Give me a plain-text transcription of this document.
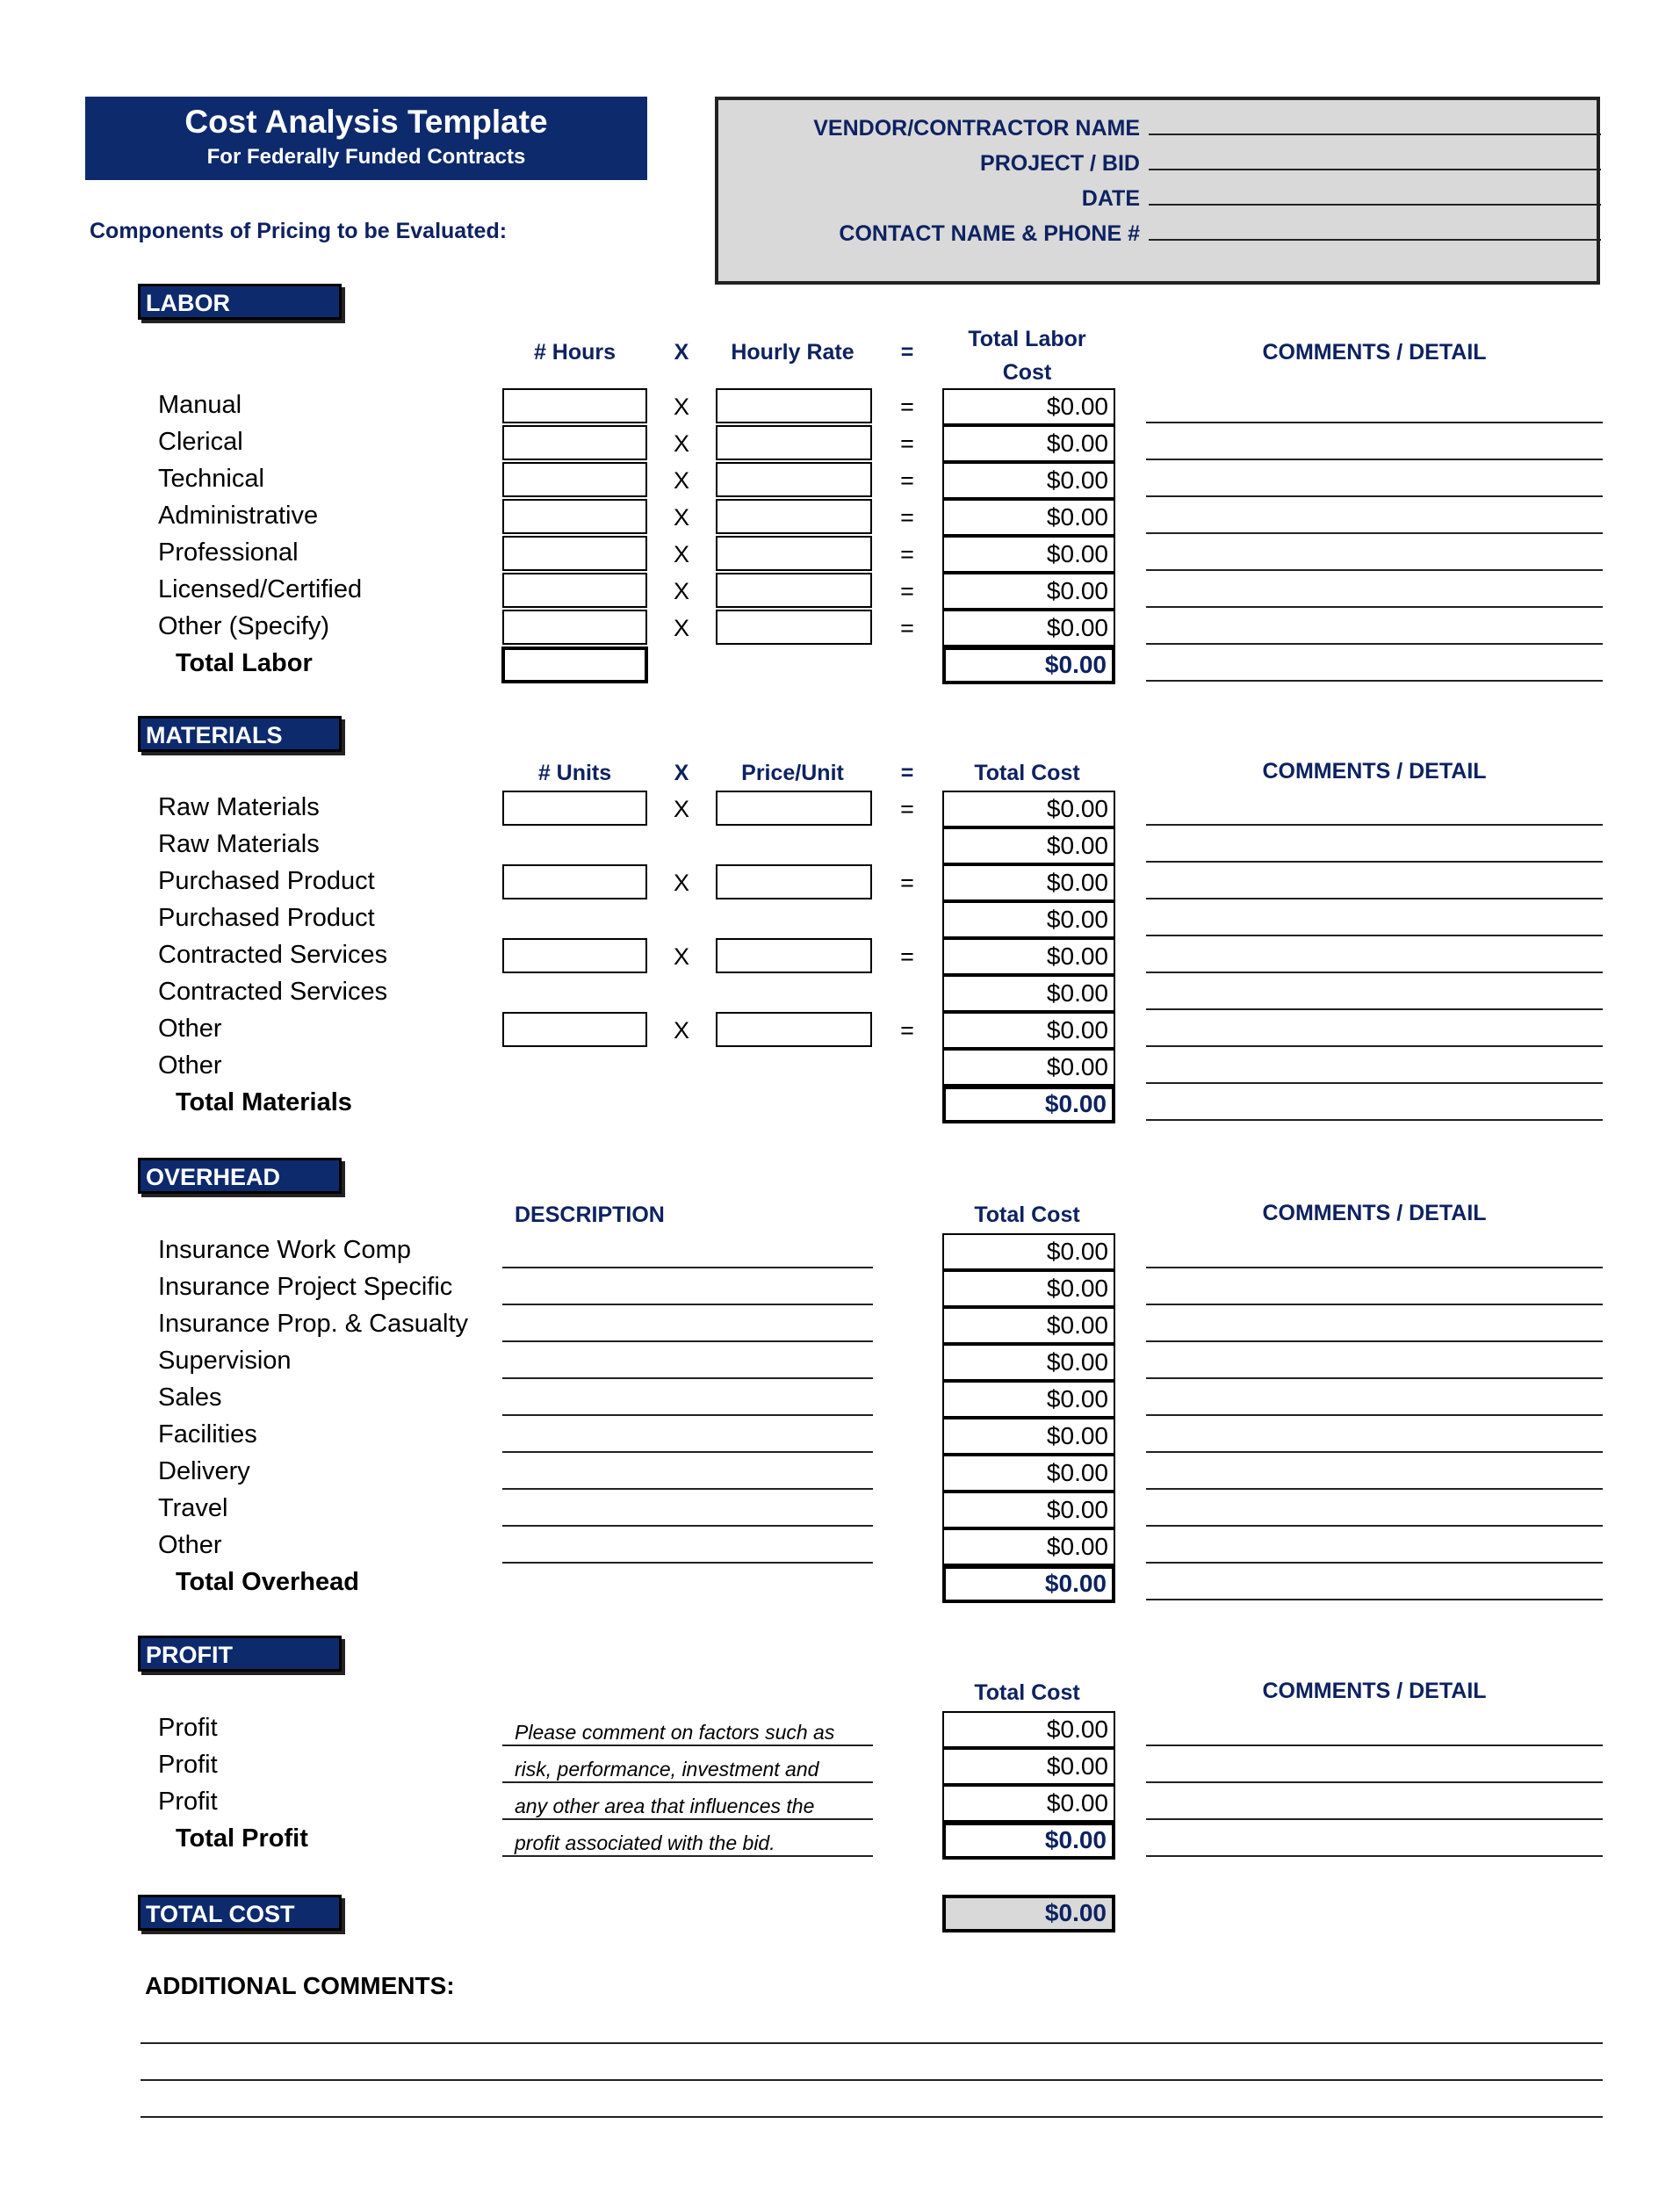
Cost Analysis Template
For Federally Funded Contracts
VENDOR/CONTRACTOR NAME
PROJECT / BID
DATE
CONTACT NAME & PHONE #
Components of Pricing to be Evaluated:
LABOR
# Hours	X	Hourly Rate	=
Total Labor
Cost
COMMENTS / DETAIL
Manual	X	=	$0.00
Clerical	X	=	$0.00
Technical	X	=	$0.00
Administrative	X	=	$0.00
Professional	X	=	$0.00
Licensed/Certified	X	=	$0.00
Other (Specify)	X	=	$0.00
Total Labor	$0.00
MATERIALS
# Units	X	Price/Unit	=	Total Cost	COMMENTS / DETAIL
Raw Materials	X	=	$0.00
Raw Materials	$0.00
Purchased Product	X	=	$0.00
Purchased Product	$0.00
Contracted Services	X	=	$0.00
Contracted Services	$0.00
Other	X	=	$0.00
Other	$0.00
Total Materials	$0.00
OVERHEAD
DESCRIPTION	Total Cost	COMMENTS / DETAIL
Insurance Work Comp	$0.00
Insurance Project Specific	$0.00
Insurance Prop. & Casualty	$0.00
Supervision	$0.00
Sales	$0.00
Facilities	$0.00
Delivery	$0.00
Travel	$0.00
Other	$0.00
Total Overhead	$0.00
PROFIT
Total Cost	COMMENTS / DETAIL
Profit	Please comment on factors such as	$0.00
Profit	risk, performance, investment and	$0.00
Profit	any other area that influences the	$0.00
Total Profit	profit associated with the bid.	$0.00
TOTAL COST	$0.00
ADDITIONAL COMMENTS:
